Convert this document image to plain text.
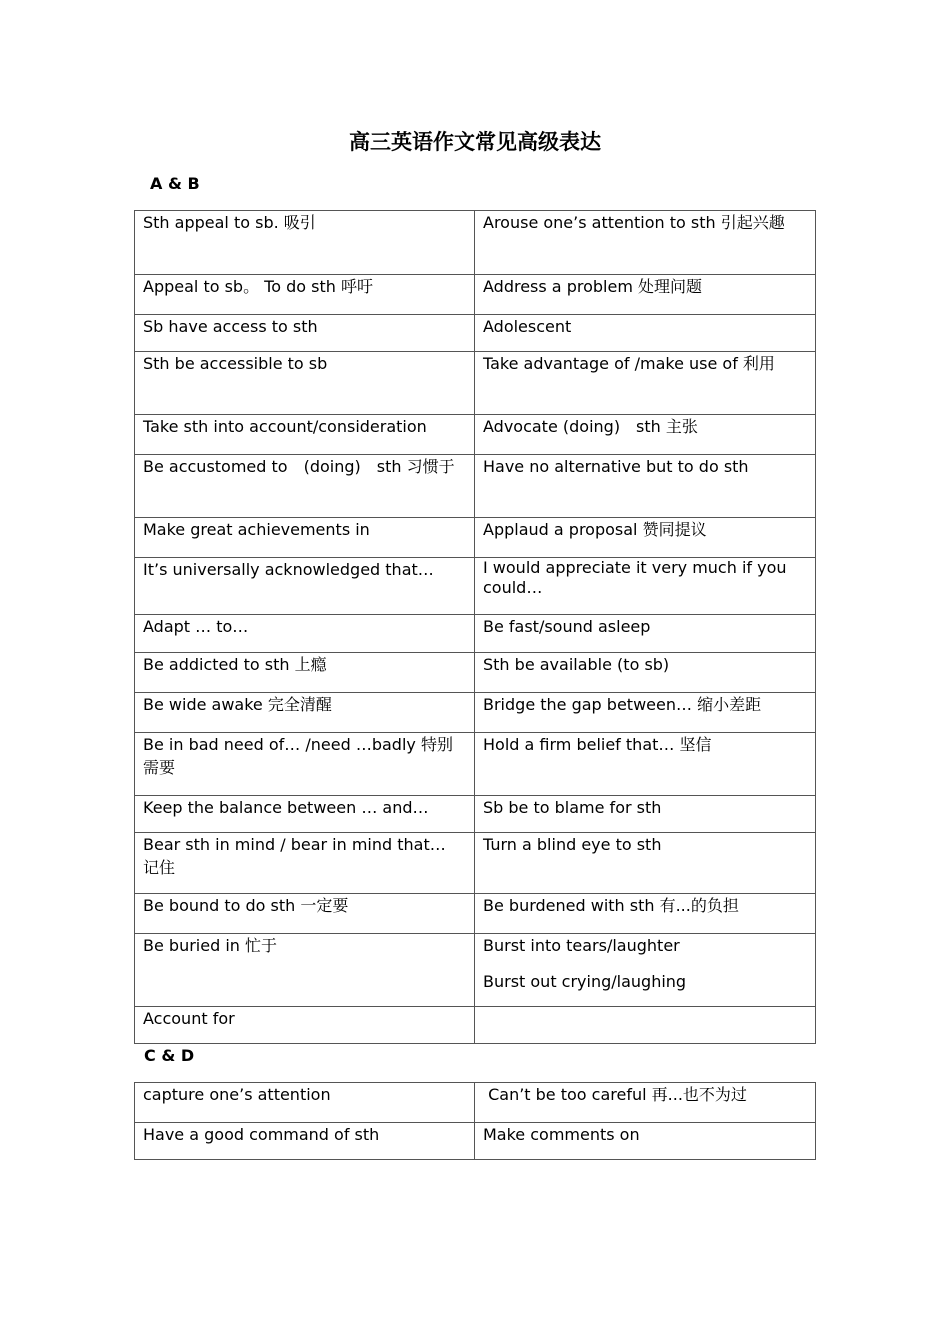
高三英语作文常见高级表达
A & B
Sth appeal to sb. 吸引	Arouse one’s attention to sth 引起兴趣

Appeal to sb。 To do sth 呼吁	Address a problem 处理问题

Sb have access to sth	Adolescent

Sth be accessible to sb	Take advantage of /make use of 利用

Take sth into account/consideration	Advocate (doing)　sth 主张

Be accustomed to　(doing)　sth 习惯于	Have no alternative but to do sth

Make great achievements in	Applaud a proposal 赞同提议

It’s universally acknowledged that…	I would appreciate it very much if you could…

Adapt … to…	Be fast/sound asleep

Be addicted to sth 上瘾	Sth be available (to sb)

Be wide awake 完全清醒	Bridge the gap between… 缩小差距

Be in bad need of… /need …badly 特别需要	Hold a firm belief that… 坚信

Keep the balance between … and…	Sb be to blame for sth

Bear sth in mind / bear in mind that… 记住	Turn a blind eye to sth

Be bound to do sth 一定要	Be burdened with sth 有...的负担

Be buried in 忙于	Burst into tears/laughter
Burst out crying/laughing

Account for	

C & D
capture one’s attention	Can’t be too careful 再...也不为过

Have a good command of sth	Make comments on
